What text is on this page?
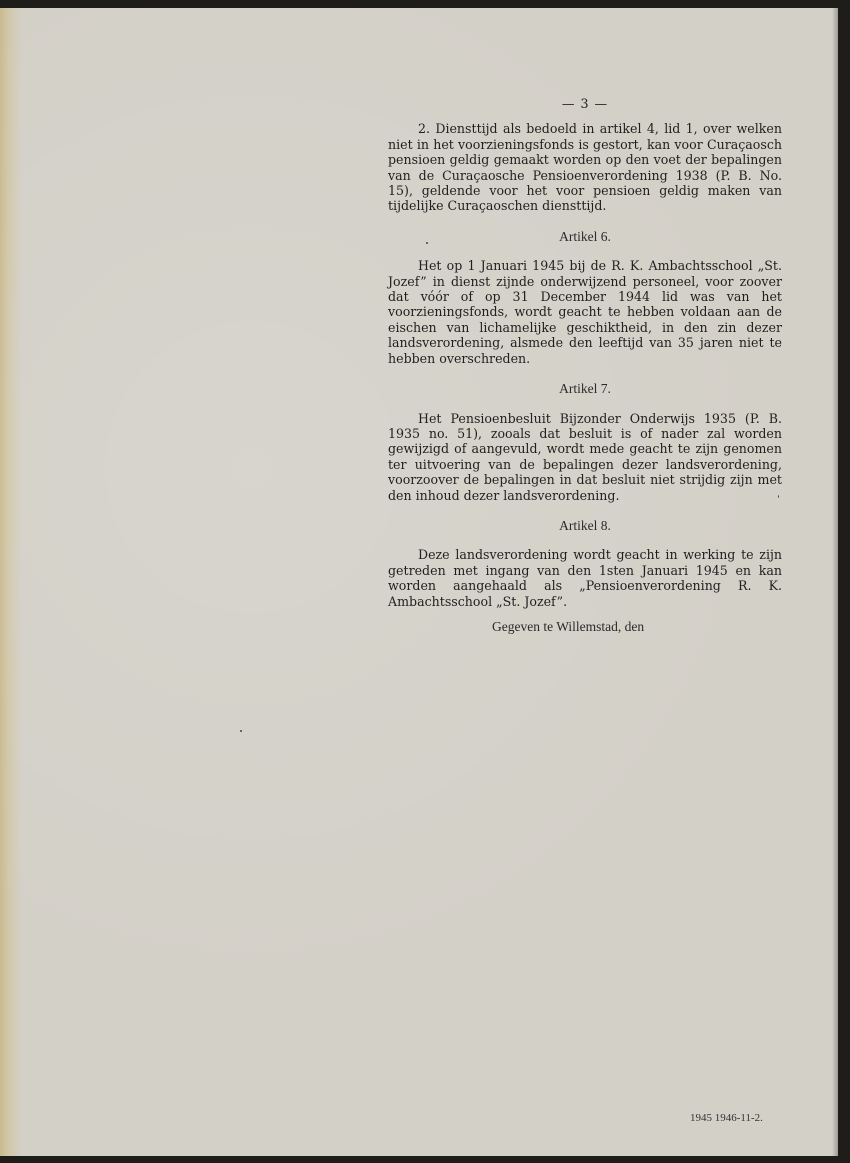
— 3 —

2. Diensttijd als bedoeld in artikel 4, lid 1, over welken niet in het voorzieningsfonds is gestort, kan voor Curaçaosch pensioen geldig gemaakt worden op den voet der bepalingen van de Curaçaosche Pensioenverordening 1938 (P. B. No. 15), geldende voor het voor pensioen geldig maken van tijdelijke Curaçaoschen diensttijd.

Artikel 6.

Het op 1 Januari 1945 bij de R. K. Ambachtsschool „St. Jozef” in dienst zijnde onderwijzend personeel, voor zoover dat vóór of op 31 December 1944 lid was van het voorzieningsfonds, wordt geacht te hebben voldaan aan de eischen van lichamelijke geschiktheid, in den zin dezer landsverordening, alsmede den leeftijd van 35 jaren niet te hebben overschreden.

Artikel 7.

Het Pensioenbesluit Bijzonder Onderwijs 1935 (P. B. 1935 no. 51), zooals dat besluit is of nader zal worden gewijzigd of aangevuld, wordt mede geacht te zijn genomen ter uitvoering van de bepalingen dezer landsverordening, voorzoover de bepalingen in dat besluit niet strijdig zijn met den inhoud dezer landsverordening.

Artikel 8.

Deze landsverordening wordt geacht in werking te zijn getreden met ingang van den 1sten Januari 1945 en kan worden aangehaald als „Pensioenverordening R. K. Ambachtsschool „St. Jozef”.

Gegeven te Willemstad, den
1945 1946-11-2.
